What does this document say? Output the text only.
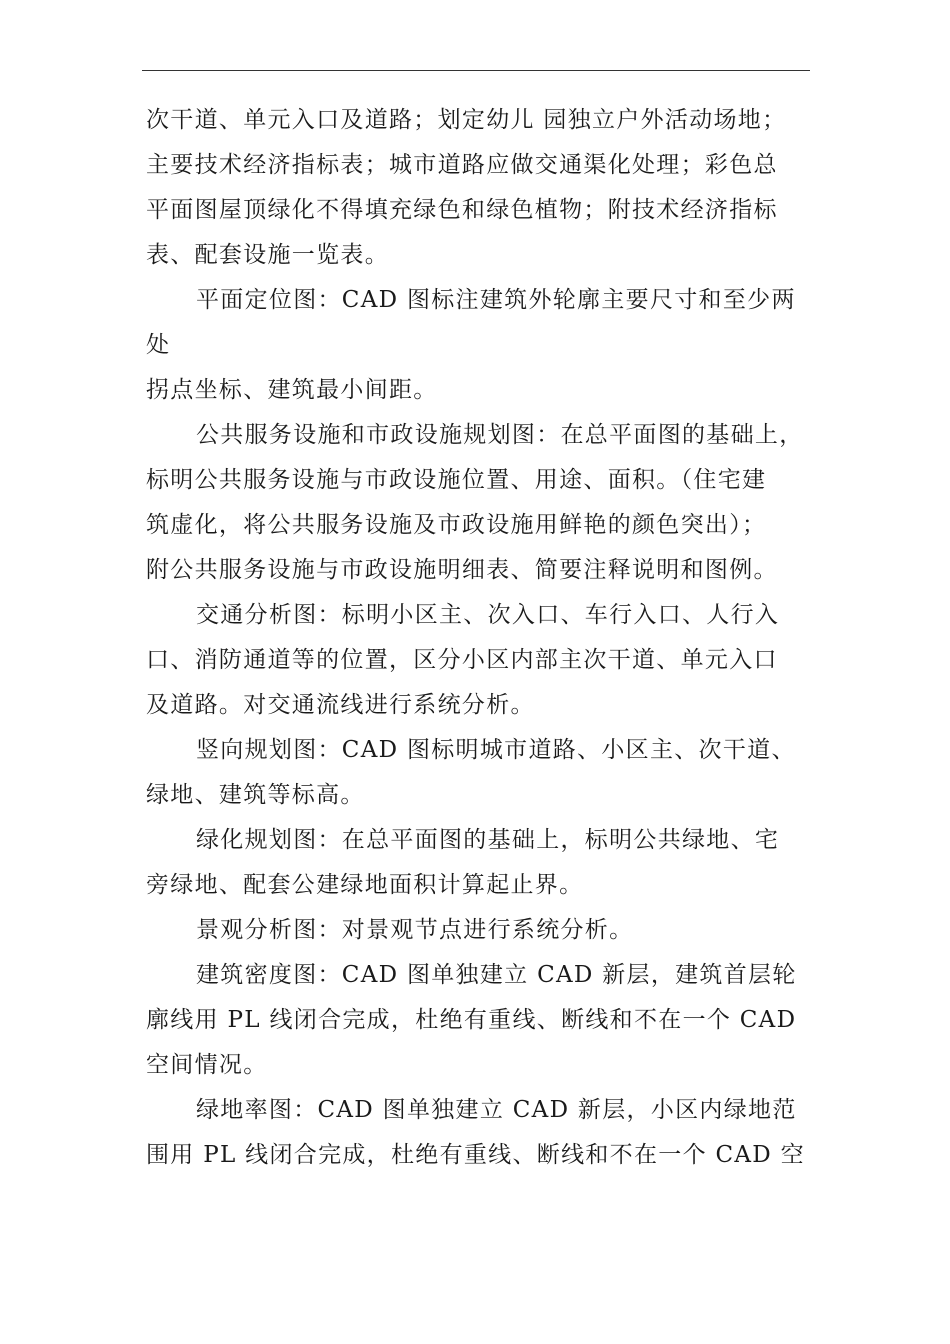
次干道、单元入口及道路；划定幼儿 园独立户外活动场地；
主要技术经济指标表；城市道路应做交通渠化处理；彩色总
平面图屋顶绿化不得填充绿色和绿色植物；附技术经济指标
表、配套设施一览表。
平面定位图：CAD 图标注建筑外轮廓主要尺寸和至少两
处
拐点坐标、建筑最小间距。
公共服务设施和市政设施规划图：在总平面图的基础上，
标明公共服务设施与市政设施位置、用途、面积。（住宅建
筑虚化，将公共服务设施及市政设施用鲜艳的颜色突出）；
附公共服务设施与市政设施明细表、简要注释说明和图例。
交通分析图：标明小区主、次入口、车行入口、人行入
口、消防通道等的位置，区分小区内部主次干道、单元入口
及道路。对交通流线进行系统分析。
竖向规划图：CAD 图标明城市道路、小区主、次干道、
绿地、建筑等标高。
绿化规划图：在总平面图的基础上，标明公共绿地、宅
旁绿地、配套公建绿地面积计算起止界。
景观分析图：对景观节点进行系统分析。
建筑密度图：CAD 图单独建立 CAD 新层，建筑首层轮
廓线用 PL 线闭合完成，杜绝有重线、断线和不在一个 CAD
空间情况。
绿地率图：CAD 图单独建立 CAD 新层，小区内绿地范
围用 PL 线闭合完成，杜绝有重线、断线和不在一个 CAD 空
